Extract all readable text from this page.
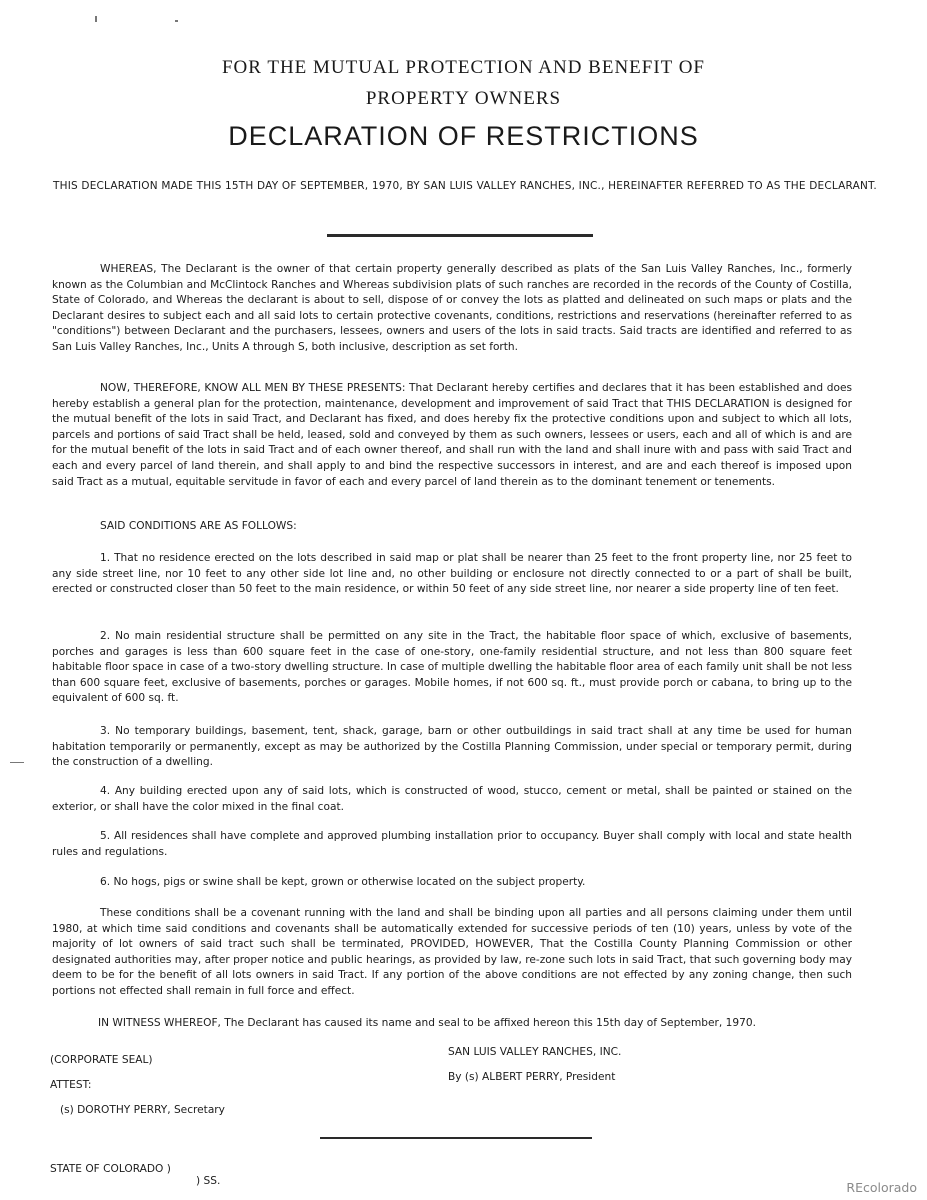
FOR THE MUTUAL PROTECTION AND BENEFIT OF
PROPERTY OWNERS
DECLARATION OF RESTRICTIONS
THIS DECLARATION MADE THIS 15TH DAY OF SEPTEMBER, 1970, BY SAN LUIS VALLEY RANCHES, INC., HEREINAFTER REFERRED TO AS THE DECLARANT.
WHEREAS, The Declarant is the owner of that certain property generally described as plats of the San Luis Valley Ranches, Inc., formerly known as the Columbian and McClintock Ranches and Whereas subdivision plats of such ranches are recorded in the records of the County of Costilla, State of Colorado, and Whereas the declarant is about to sell, dispose of or convey the lots as platted and delineated on such maps or plats and the Declarant desires to subject each and all said lots to certain protective covenants, conditions, restrictions and reservations (hereinafter referred to as "conditions") between Declarant and the purchasers, lessees, owners and users of the lots in said tracts. Said tracts are identified and referred to as San Luis Valley Ranches, Inc., Units A through S, both inclusive, description as set forth.
NOW, THEREFORE, KNOW ALL MEN BY THESE PRESENTS: That Declarant hereby certifies and declares that it has been established and does hereby establish a general plan for the protection, maintenance, development and improvement of said Tract that THIS DECLARATION is designed for the mutual benefit of the lots in said Tract, and Declarant has fixed, and does hereby fix the protective conditions upon and subject to which all lots, parcels and portions of said Tract shall be held, leased, sold and conveyed by them as such owners, lessees or users, each and all of which is and are for the mutual benefit of the lots in said Tract and of each owner thereof, and shall run with the land and shall inure with and pass with said Tract and each and every parcel of land therein, and shall apply to and bind the respective successors in interest, and are and each thereof is imposed upon said Tract as a mutual, equitable servitude in favor of each and every parcel of land therein as to the dominant tenement or tenements.
SAID CONDITIONS ARE AS FOLLOWS:
1. That no residence erected on the lots described in said map or plat shall be nearer than 25 feet to the front property line, nor 25 feet to any side street line, nor 10 feet to any other side lot line and, no other building or enclosure not directly connected to or a part of shall be built, erected or constructed closer than 50 feet to the main residence, or within 50 feet of any side street line, nor nearer a side property line of ten feet.
2. No main residential structure shall be permitted on any site in the Tract, the habitable floor space of which, exclusive of basements, porches and garages is less than 600 square feet in the case of one-story, one-family residential structure, and not less than 800 square feet habitable floor space in case of a two-story dwelling structure. In case of multiple dwelling the habitable floor area of each family unit shall be not less than 600 square feet, exclusive of basements, porches or garages. Mobile homes, if not 600 sq. ft., must provide porch or cabana, to bring up to the equivalent of 600 sq. ft.
3. No temporary buildings, basement, tent, shack, garage, barn or other outbuildings in said tract shall at any time be used for human habitation temporarily or permanently, except as may be authorized by the Costilla Planning Commission, under special or temporary permit, during the construction of a dwelling.
4. Any building erected upon any of said lots, which is constructed of wood, stucco, cement or metal, shall be painted or stained on the exterior, or shall have the color mixed in the final coat.
5. All residences shall have complete and approved plumbing installation prior to occupancy. Buyer shall comply with local and state health rules and regulations.
6. No hogs, pigs or swine shall be kept, grown or otherwise located on the subject property.
These conditions shall be a covenant running with the land and shall be binding upon all parties and all persons claiming under them until 1980, at which time said conditions and covenants shall be automatically extended for successive periods of ten (10) years, unless by vote of the majority of lot owners of said tract such shall be terminated, PROVIDED, HOWEVER, That the Costilla County Planning Commission or other designated authorities may, after proper notice and public hearings, as provided by law, re-zone such lots in said Tract, that such governing body may deem to be for the benefit of all lots owners in said Tract. If any portion of the above conditions are not effected by any zoning change, then such portions not effected shall remain in full force and effect.
IN WITNESS WHEREOF, The Declarant has caused its name and seal to be affixed hereon this 15th day of September, 1970.
SAN LUIS VALLEY RANCHES, INC.
By (s) ALBERT PERRY, President
(CORPORATE SEAL)
ATTEST:
(s) DOROTHY PERRY, Secretary
STATE OF COLORADO )
) SS.	REcolorado
